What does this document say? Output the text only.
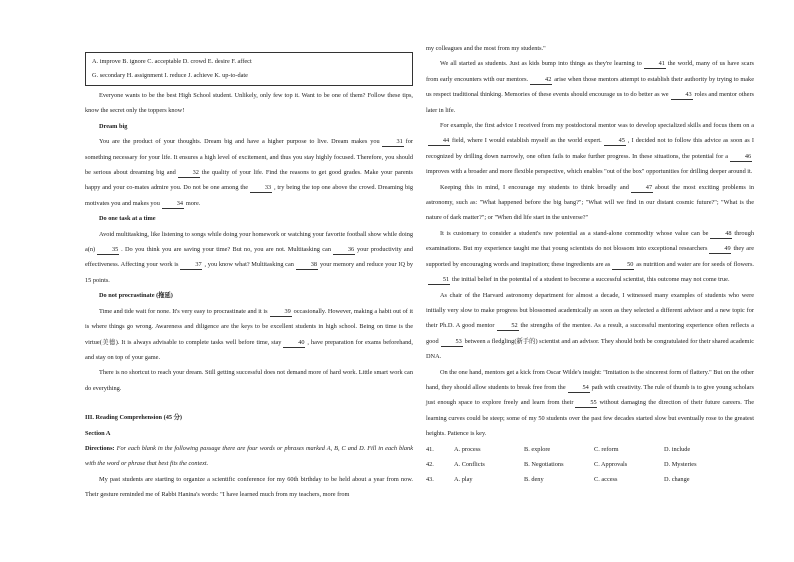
A. improve B. ignore C. acceptable D. crowd E. desire F. affect
G. secondary H. assignment I. reduce J. achieve K. up-to-date

Everyone wants to be the best High School student. Unlikely, only few top it. Want to be one of them? Follow these tips, know the secret only the toppers know!

Dream big

You are the product of your thoughts. Dream big and have a higher purpose to live. Dream makes you	31 for something necessary for your life. It ensures a high level of excitement, and thus you stay highly focused. Therefore, you should be serious about dreaming big and	32 the quality of your life. Find the reasons to get good grades. Make your parents happy and your co-mates admire you. Do not be one among the	33 , try being the top one above the crowd. Dreaming big motivates you and makes you	34 more.

Do one task at a time

Avoid multitasking, like listening to songs while doing your homework or watching your favorite football show while doing a(n)	35 . Do you think you are saving your time? But no, you are not. Multitasking can	36 your productivity and effectiveness. Affecting your work is	37 , you know what? Multitasking can	38 your memory and reduce your IQ by 15 points.

Do not procrastinate (拖延)

Time and tide wait for none. It's very easy to procrastinate and it is	39 occasionally. However, making a habit out of it is where things go wrong. Awareness and diligence are the keys to be excellent students in high school. Being on time is the virtue(美德). It is always advisable to complete tasks well before time, stay	40 , have preparation for exams beforehand, and stay on top of your game.

There is no shortcut to reach your dream. Still getting successful does not demand more of hard work. Little smart work can do everything.

III. Reading Comprehension (45 分)

Section A

Directions: For each blank in the following passage there are four words or phrases marked A, B, C and D. Fill in each blank with the word or phrase that best fits the context.

My past students are starting to organize a scientific conference for my 60th birthday to be held about a year from now. Their gesture reminded me of Rabbi Hanina's words: "I have learned much from my teachers, more from

my colleagues and the most from my students."

We all started as students. Just as kids bump into things as they're learning to	41 the world, many of us have scars from early encounters with our mentors.	42 arise when those mentors attempt to establish their authority by trying to make us respect traditional thinking. Memories of these events should encourage us to do better as we	43 roles and mentor others later in life.

For example, the first advice I received from my postdoctoral mentor was to develop specialized skills and focus them on a44 field, where I would establish myself as the world expert.	45 , I decided not to follow this advice as soon as I recognized by drilling down narrowly, one often fails to make further progress. In these situations, the potential for a	46improves with a broader and more flexible perspective, which enables "out of the box" opportunities for drilling deeper around it.

Keeping this in mind, I encourage my students to think broadly and	47 about the most exciting problems in astronomy, such as: "What happened before the big bang?"; "What will we find in our distant cosmic future?"; "What is the nature of dark matter?"; or "When did life start in the universe?"

It is customary to consider a student's raw potential as a stand-alone commodity whose value can be	48 through examinations. But my experience taught me that young scientists do not blossom into exceptional researchers	49 they are supported by encouraging words and inspiration; these ingredients are as	50 as nutrition and water are for seeds of flowers.51 the initial belief in the potential of a student to become a successful scientist, this outcome may not come true.

As chair of the Harvard astronomy department for almost a decade, I witnessed many examples of students who were initially very slow to make progress but blossomed academically as soon as they selected a different advisor and a new topic for their Ph.D. A good mentor	52 the strengths of the mentee. As a result, a successful mentoring experience often reflects a good	53 between a fledgling(新手的) scientist and an advisor. They should both be congratulated for their shared academic DNA.

On the one hand, mentors get a kick from Oscar Wilde's insight: "Imitation is the sincerest form of flattery." But on the other hand, they should allow students to break free from the	54 path with creativity. The rule of thumb is to give young scholars just enough space to explore freely and learn from their	55 without damaging the direction of their future careers. The learning curves could be steep; some of my 50 students over the past few decades started slow but eventually rose to the greatest heights. Patience is key.

41.	A. process	B. explore	C. reform	D. include
42.	A. Conflicts	B. Negotiations	C. Approvals	D. Mysteries
43.	A. play	B. deny	C. access	D. change
